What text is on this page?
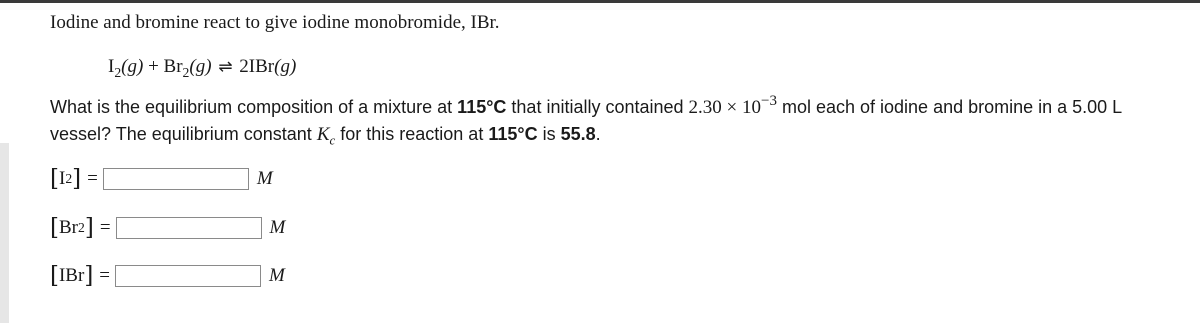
Iodine and bromine react to give iodine monobromide, IBr.
$I_2(g) + Br_2(g)$ ⇌ 2IBr(g)
What is the equilibrium composition of a mixture at 115°C that initially contained $2.30 \times 10^{-3}$ mol each of iodine and bromine in a 5.00 L
vessel? The equilibrium constant $K_c$ for this reaction at 115°C is 55.8.
[ I 2 ] =	M
[ Br 2 ] =	M
[ IBr ] =	M
